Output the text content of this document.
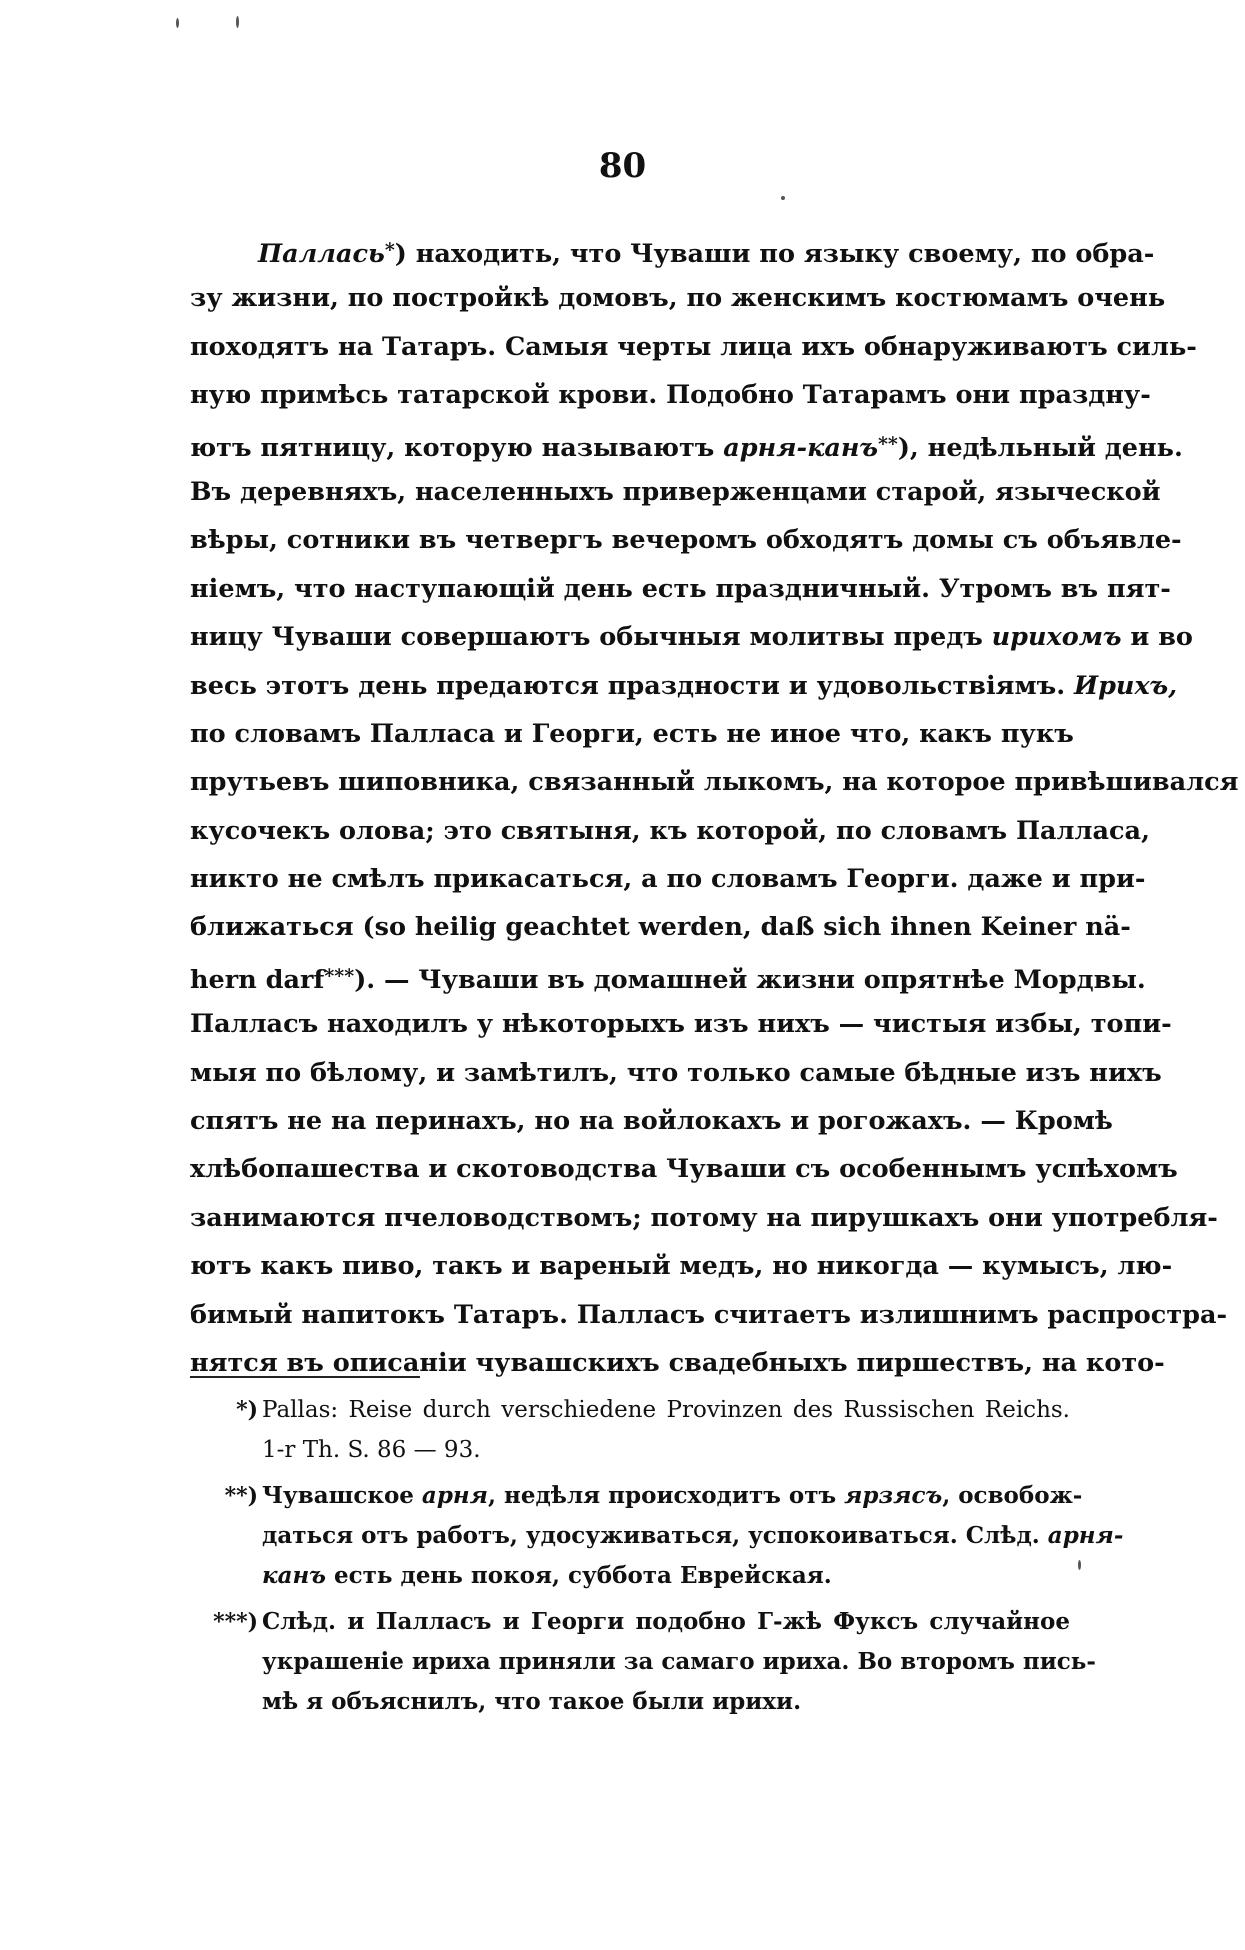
80
Паллась*) находить, что Чуваши по языку своему, по обра-
зу жизни, по постройкѣ домовъ, по женскимъ костюмамъ очень
походятъ на Татаръ. Самыя черты лица ихъ обнаруживаютъ силь-
ную примѣсь татарской крови. Подобно Татарамъ они праздну-
ютъ пятницу, которую называютъ арня-канъ**), недѣльный день.
Въ деревняхъ, населенныхъ приверженцами старой, языческой
вѣры, сотники въ четвергъ вечеромъ обходятъ домы съ объявле-
ніемъ, что наступающій день есть праздничный. Утромъ въ пят-
ницу Чуваши совершаютъ обычныя молитвы предъ ирихомъ и во
весь этотъ день предаются праздности и удовольствіямъ. Ирихъ,
по словамъ Палласа и Георги, есть не иное что, какъ пукъ
прутьевъ шиповника, связанный лыкомъ, на которое привѣшивался
кусочекъ олова; это святыня, къ которой, по словамъ Палласа,
никто не смѣлъ прикасаться, а по словамъ Георги. даже и при-
ближаться (so heilig geachtet werden, daß sich ihnen Keiner nä-
hern darf***). — Чуваши въ домашней жизни опрятнѣе Мордвы.
Палласъ находилъ у нѣкоторыхъ изъ нихъ — чистыя избы, топи-
мыя по бѣлому, и замѣтилъ, что только самые бѣдные изъ нихъ
спятъ не на перинахъ, но на войлокахъ и рогожахъ. — Кромѣ
хлѣбопашества и скотоводства Чуваши съ особеннымъ успѣхомъ
занимаются пчеловодствомъ; потому на пирушкахъ они употребля-
ютъ какъ пиво, такъ и вареный медъ, но никогда — кумысъ, лю-
бимый напитокъ Татаръ. Палласъ считаетъ излишнимъ распростра-
нятся въ описаніи чувашскихъ свадебныхъ пиршествъ, на кото-
*) Pallas: Reise durch verschiedene Provinzen des Russischen Reichs.
1-r Th. S. 86 — 93.
**) Чувашское арня, недѣля происходитъ отъ ярзясъ, освобож-
даться отъ работъ, удосуживаться, успокоиваться. Слѣд. арня-
канъ есть день покоя, суббота Еврейская.
***) Слѣд. и Палласъ и Георги подобно Г-жѣ Фуксъ случайное
украшеніе ириха приняли за самаго ириха. Во второмъ пись-
мѣ я объяснилъ, что такое были ирихи.
